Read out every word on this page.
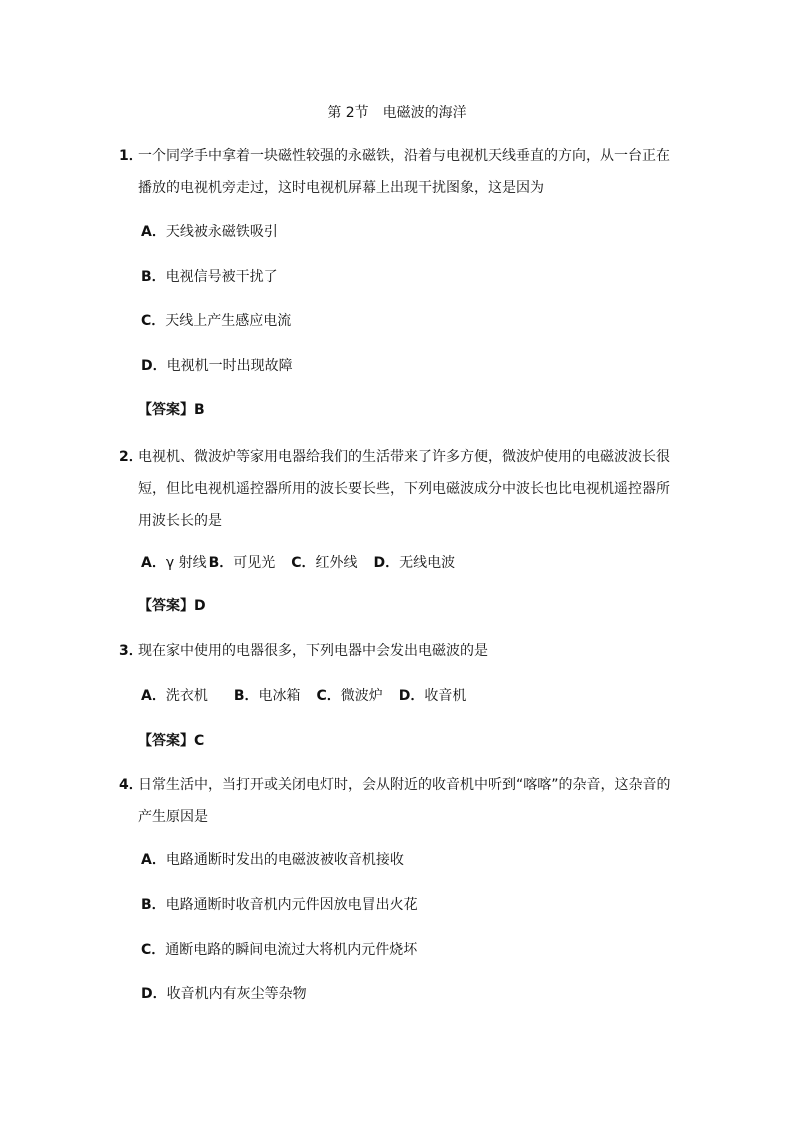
第 2节　电磁波的海洋
1．
一个同学手中拿着一块磁性较强的永磁铁，沿着与电视机天线垂直的方向，从一台正在播放的电视机旁走过，这时电视机屏幕上出现干扰图象，这是因为
A．天线被永磁铁吸引
B．电视信号被干扰了
C．天线上产生感应电流
D．电视机一时出现故障
【答案】B
2．
电视机、微波炉等家用电器给我们的生活带来了许多方便，微波炉使用的电磁波波长很短，但比电视机遥控器所用的波长要长些，下列电磁波成分中波长也比电视机遥控器所用波长长的是
A．γ 射线 B．可见光 C．红外线 D．无线电波
【答案】D
3．
现在家中使用的电器很多，下列电器中会发出电磁波的是
A．洗衣机 B．电冰箱 C．微波炉 D．收音机
【答案】C
4．
日常生活中，当打开或关闭电灯时，会从附近的收音机中听到“喀喀”的杂音，这杂音的产生原因是
A．电路通断时发出的电磁波被收音机接收
B．电路通断时收音机内元件因放电冒出火花
C．通断电路的瞬间电流过大将机内元件烧坏
D．收音机内有灰尘等杂物
